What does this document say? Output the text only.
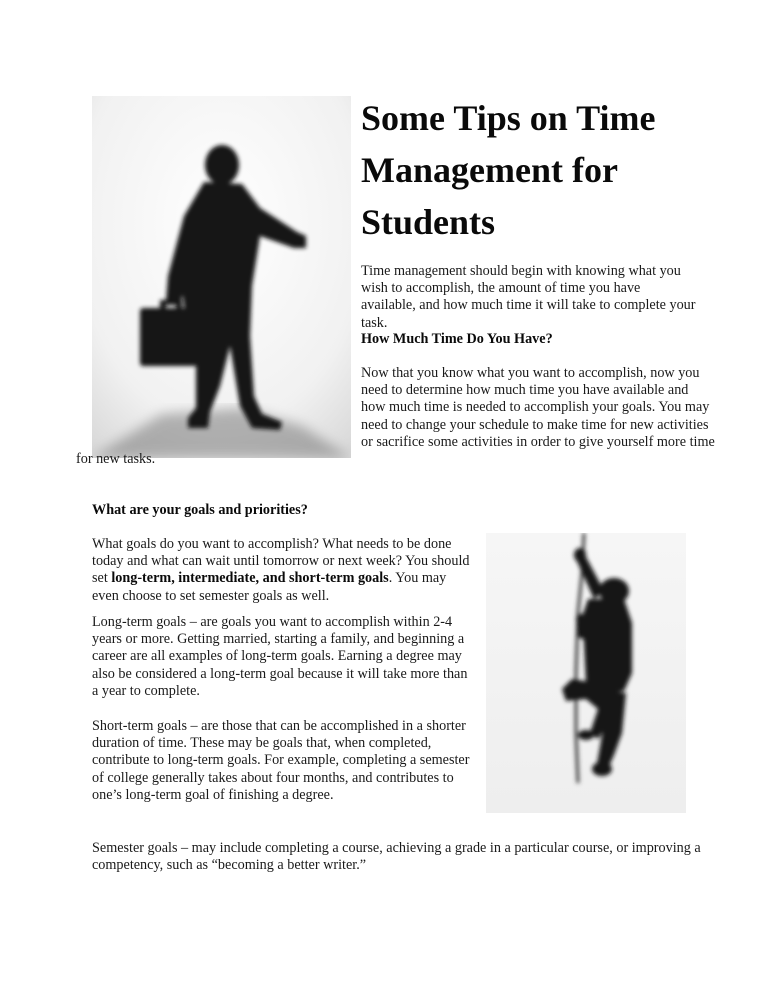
Some Tips on Time Management for Students

Time management should begin with knowing what you wish to accomplish, the amount of time you have available, and how much time it will take to complete your task.

How Much Time Do You Have?

Now that you know what you want to accomplish, now you need to determine how much time you have available and how much time is needed to accomplish your goals. You may need to change your schedule to make time for new activities or sacrifice some activities in order to give yourself more time for new tasks.

What are your goals and priorities?

What goals do you want to accomplish? What needs to be done today and what can wait until tomorrow or next week? You should set long-term, intermediate, and short-term goals. You may even choose to set semester goals as well.

Long-term goals – are goals you want to accomplish within 2-4 years or more. Getting married, starting a family, and beginning a career are all examples of long-term goals. Earning a degree may also be considered a long-term goal because it will take more than a year to complete.

Short-term goals – are those that can be accomplished in a shorter duration of time. These may be goals that, when completed, contribute to long-term goals. For example, completing a semester of college generally takes about four months, and contributes to one’s long-term goal of finishing a degree.

Semester goals – may include completing a course, achieving a grade in a particular course, or improving a competency, such as “becoming a better writer.”
